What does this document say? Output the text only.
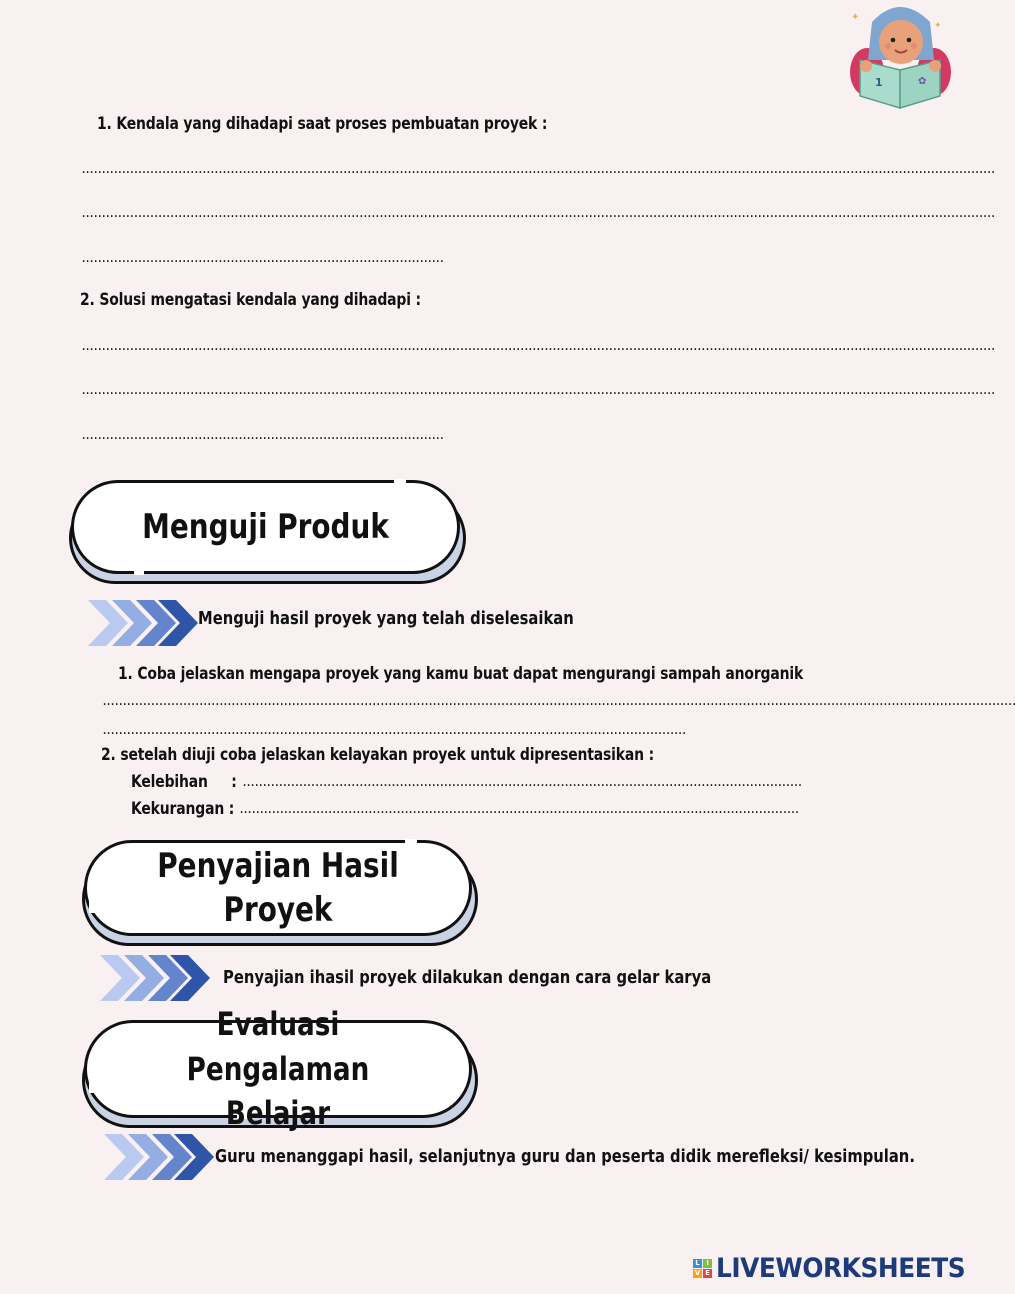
✦
✦
1	✿
1. Kendala yang dihadapi saat proses pembuatan proyek :
...................................................................................................................................................................................................................................
...................................................................................................................................................................................................................................
..........................................................................................
2. Solusi mengatasi kendala yang dihadapi :
...................................................................................................................................................................................................................................
...................................................................................................................................................................................................................................
..........................................................................................
Menguji Produk
Menguji hasil proyek yang telah diselesaikan
1. Coba jelaskan mengapa proyek yang kamu buat dapat mengurangi sampah anorganik
...................................................................................................................................................................................................................................
.................................................................................................................................................
2. setelah diuji coba jelaskan kelayakan proyek untuk dipresentasikan :
Kelebihan     : ...........................................................................................................................................
Kekurangan : ...........................................................................................................................................
Penyajian Hasil Proyek
Penyajian ihasil proyek dilakukan dengan cara gelar karya
Evaluasi Pengalaman
Belajar
Guru menanggapi hasil, selanjutnya guru dan peserta didik merefleksi/ kesimpulan.
L I
V E LIVEWORKSHEETS
